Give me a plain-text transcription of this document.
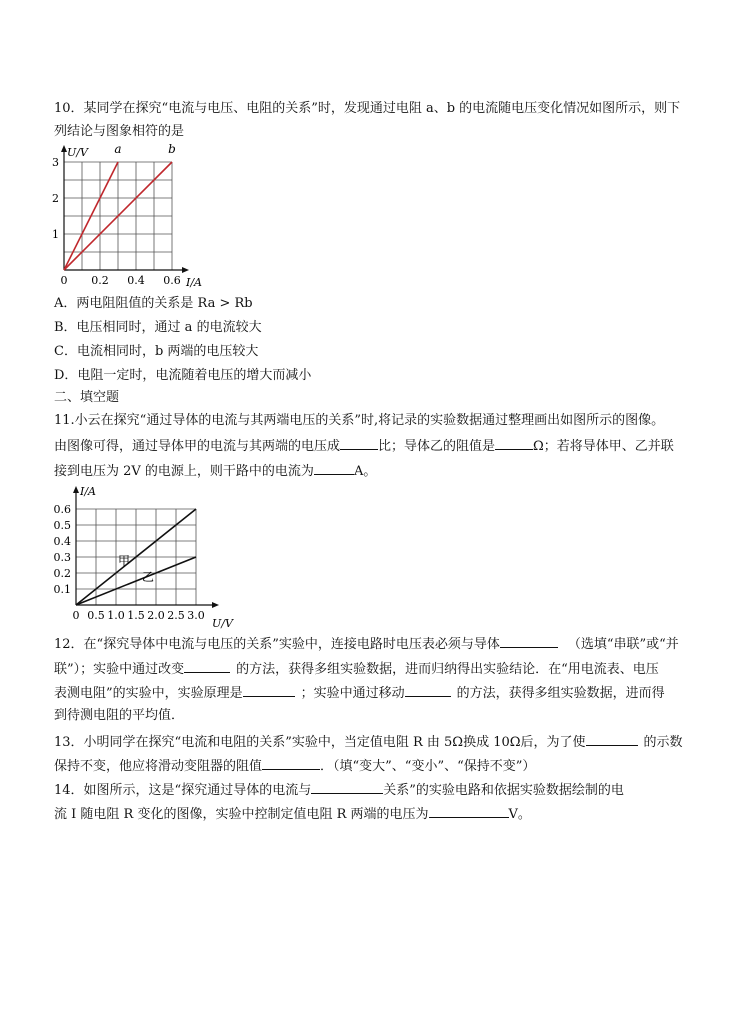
10．某同学在探究“电流与电压、电阻的关系”时，发现通过电阻 a、b 的电流随电压变化情况如图所示，则下
列结论与图象相符的是
I/A
U/V
0 0.2 0.4 0.6
1
2
3
a	b
A．两电阻阻值的关系是 Ra > Rb
B．电压相同时，通过 a 的电流较大
C．电流相同时，b 两端的电压较大
D．电阻一定时，电流随着电压的增大而减小
二、填空题
11.小云在探究“通过导体的电流与其两端电压的关系”时,将记录的实验数据通过整理画出如图所示的图像。
由图像可得，通过导体甲的电流与其两端的电压成	比；导体乙的阻值是	Ω；若将导体甲、乙并联
接到电压为 2V 的电源上，则干路中的电流为	A。
U/V
I/A
0 0.5 1.0 1.5 2.0 2.5 3.0
0.1
0.2
0.3
0.4
0.5
0.6
甲
乙
12．在“探究导体中电流与电压的关系”实验中，连接电路时电压表必须与导体	（选填“串联”或“并
联”）；实验中通过改变	的方法，获得多组实验数据，进而归纳得出实验结论．在“用电流表、电压
表测电阻”的实验中，实验原理是	；实验中通过移动	的方法，获得多组实验数据，进而得
到待测电阻的平均值．
13．小明同学在探究“电流和电阻的关系”实验中，当定值电阻 R 由 5Ω换成 10Ω后，为了使	的示数
保持不变，他应将滑动变阻器的阻值	．（填“变大”、“变小”、“保持不变”）
14．如图所示，这是“探究通过导体的电流与	关系”的实验电路和依据实验数据绘制的电
流 I 随电阻 R 变化的图像，实验中控制定值电阻 R 两端的电压为	V。
